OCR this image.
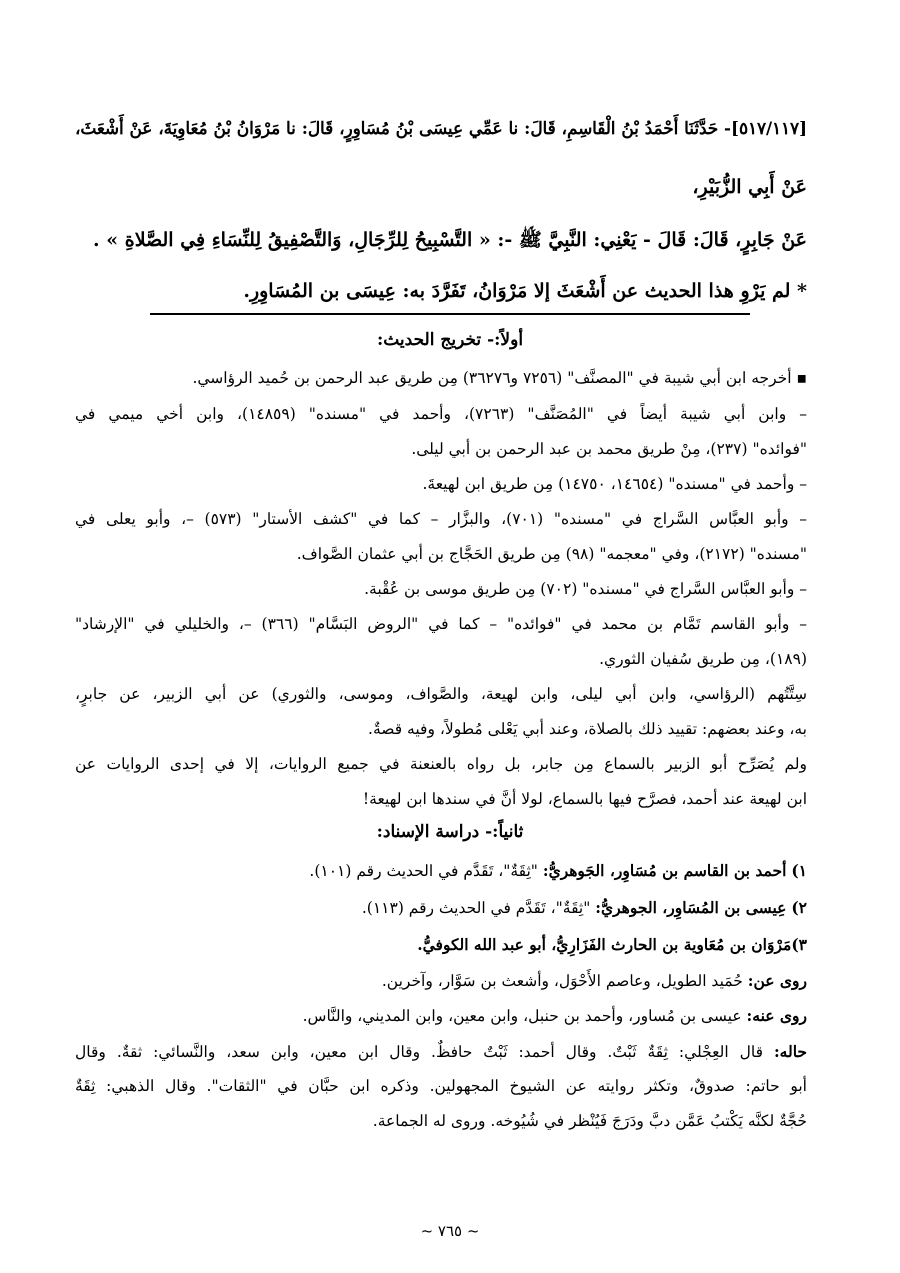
[٥١٧/١١٧]- حَدَّثَنَا أَحْمَدُ بْنُ الْقَاسِمِ، قَالَ: نا عَمِّي عِيسَى بْنُ مُسَاوِرٍ، قَالَ: نا مَرْوَانُ بْنُ مُعَاوِيَةَ، عَنْ أَشْعَثَ،
عَنْ أَبِي الزُّبَيْرِ،
عَنْ جَابِرٍ، قَالَ: قَالَ - يَعْنِي: النَّبِيَّ ﷺ -: « التَّسْبِيحُ لِلرِّجَالِ، وَالتَّصْفِيقُ لِلنِّسَاءِ فِي الصَّلاةِ » .
* لم يَرْوِ هذا الحديث عن أَشْعَثَ إلا مَرْوَانُ، تَفَرَّدَ به: عِيسَى بن المُسَاوِرِ.
أولاً:- تخريج الحديث:
▪ أخرجه ابن أبي شيبة في "المصنَّف" (٧٢٥٦ و٣٦٢٧٦) مِن طريق عبد الرحمن بن حُميد الرؤاسي.
– وابن أبي شيبة أيضاً في "المُصَنَّف" (٧٢٦٣)، وأحمد في "مسنده" (١٤٨٥٩)، وابن أخي ميمي في
"فوائده" (٢٣٧)، مِنْ طريق محمد بن عبد الرحمن بن أبي ليلى.
– وأحمد في "مسنده" (١٤٦٥٤، ١٤٧٥٠) مِن طريق ابن لهيعةَ.
– وأبو العبَّاس السَّراج في "مسنده" (٧٠١)، والبزَّار – كما في "كشف الأستار" (٥٧٣) –، وأبو يعلى في
"مسنده" (٢١٧٢)، وفي "معجمه" (٩٨) مِن طريق الحَجَّاج بن أبي عثمان الصَّواف.
– وأبو العبَّاس السَّراج في "مسنده" (٧٠٢) مِن طريق موسى بن عُقْبة.
– وأبو القاسم تَمَّام بن محمد في "فوائده" – كما في "الروض البَسَّام" (٣٦٦) –، والخليلي في "الإرشاد"
(١٨٩)، مِن طريق سُفيان الثوري.
سِتَّتُهم (الرؤاسي، وابن أبي ليلى، وابن لهيعة، والصَّواف، وموسى، والثوري) عن أبي الزبير، عن جابرٍ،
به، وعند بعضهم: تقييد ذلك بالصلاة، وعند أبي يَعْلى مُطولاً، وفيه قصةٌ.
ولم يُصَرِّح أبو الزبير بالسماع مِن جابر، بل رواه بالعنعنة في جميع الروايات، إلا في إحدى الروايات عن
ابن لهيعة عند أحمد، فصرَّح فيها بالسماع، لولا أنَّ في سندها ابن لهيعة!
ثانياً:- دراسة الإسناد:
١) أحمد بن القاسم بن مُسَاوِر، الجَوهريُّ: "ثِقَةٌ"، تَقَدَّم في الحديث رقم (١٠١).
٢) عِيسى بن المُسَاوِر، الجوهريُّ: "ثِقَةٌ"، تَقَدَّم في الحديث رقم (١١٣).
٣)مَرْوَان بن مُعَاوية بن الحارث الفَزَارِيُّ، أبو عبد الله الكوفيُّ.
روى عن: حُمَيد الطويل، وعاصم الأَحْوَل، وأشعث بن سَوَّار، وآخرين.
روى عنه: عيسى بن مُساور، وأحمد بن حنبل، وابن معين، وابن المديني، والنَّاس.
حاله: قال العِجْلي: ثِقَةٌ ثَبْتٌ. وقال أحمد: ثَبْتٌ حافظٌ. وقال ابن معين، وابن سعد، والنَّسائي: ثقةٌ. وقال
أبو حاتم: صدوقٌ، وتكثر روايته عن الشيوخ المجهولين. وذكره ابن حبَّان في "الثقات". وقال الذهبي: ثِقَةٌ
حُجَّةٌ لكنَّه يَكْتبُ عَمَّن دبَّ ودَرَجَ فَيُنْظر في شُيُوخه. وروى له الجماعة.
~ ٧٦٥ ~
